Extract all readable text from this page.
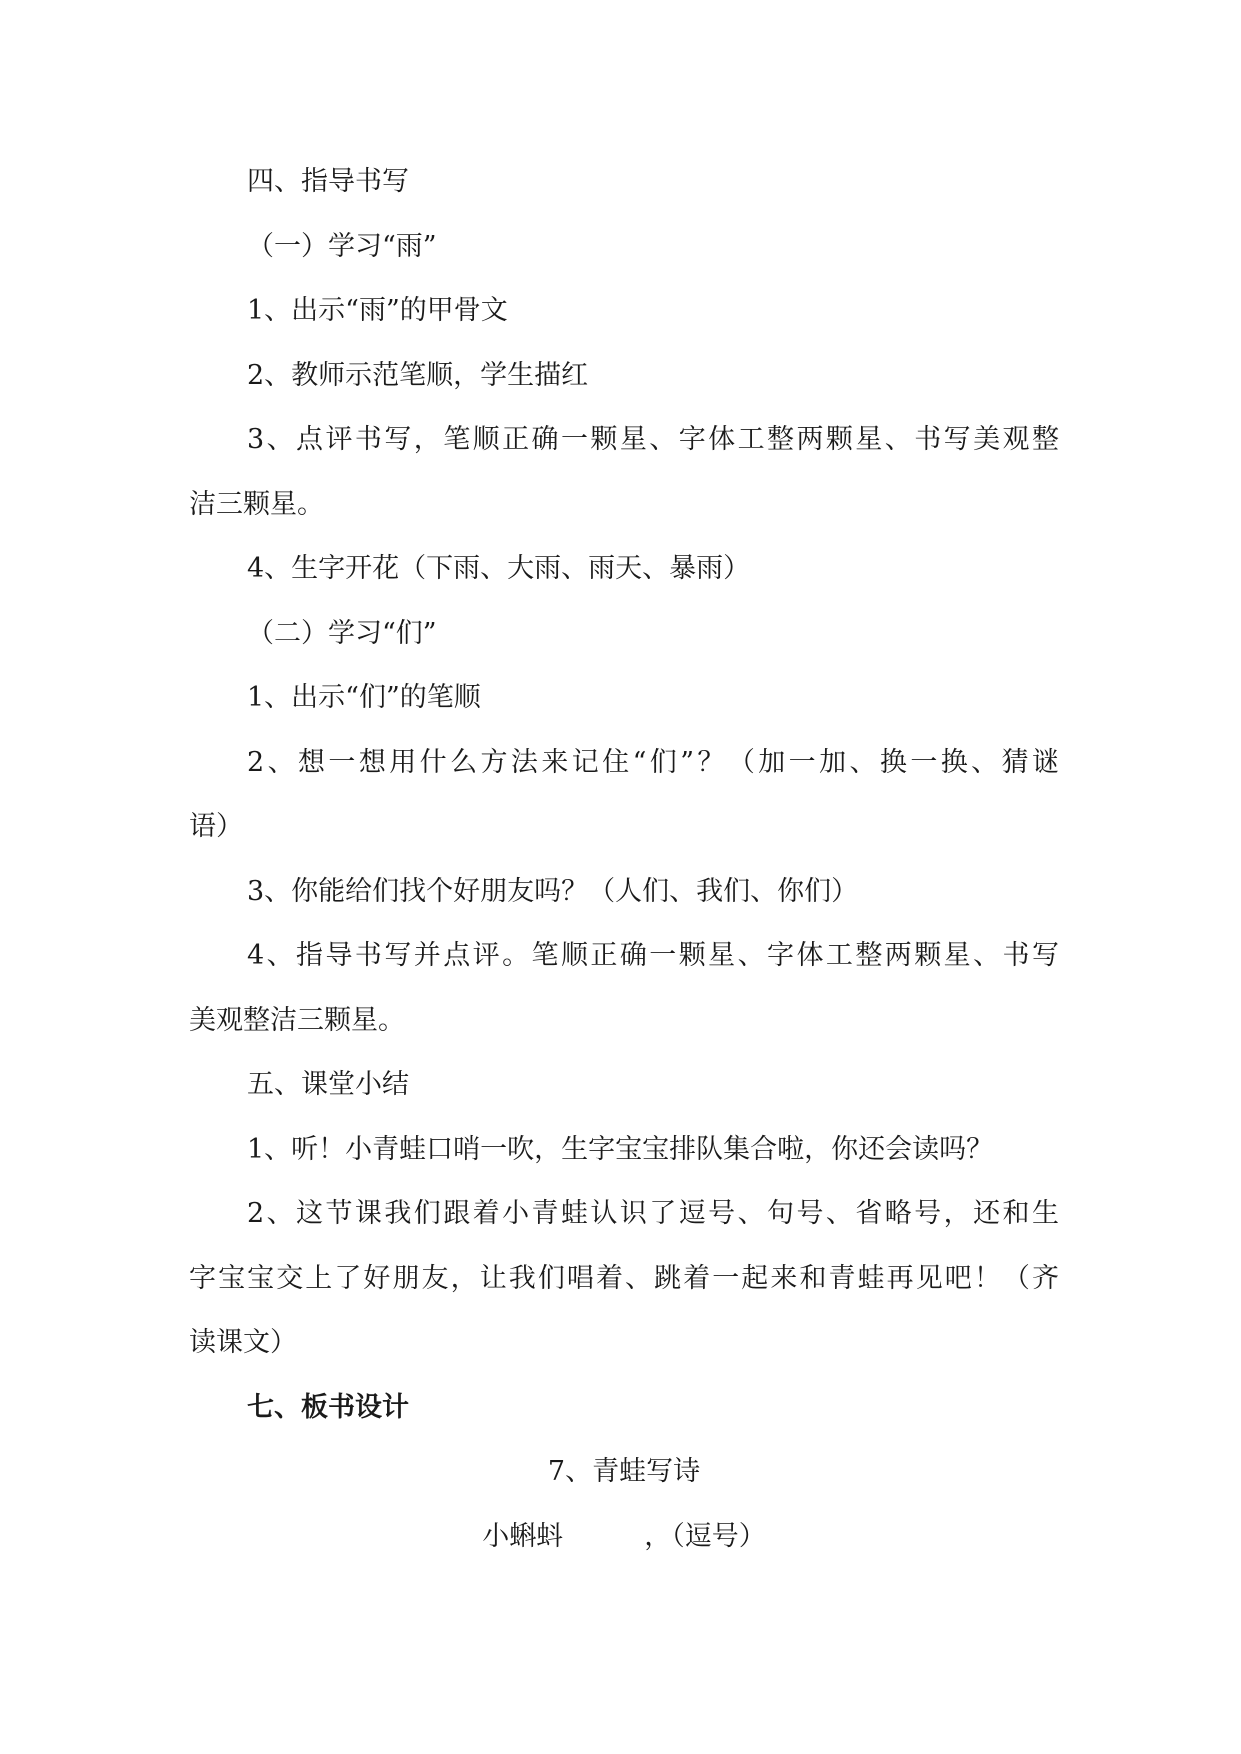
四、指导书写
（一）学习“雨”
1、出示“雨”的甲骨文
2、教师示范笔顺，学生描红
3、点评书写，笔顺正确一颗星、字体工整两颗星、书写美观整
洁三颗星。
4、生字开花（下雨、大雨、雨天、暴雨）
（二）学习“们”
1、出示“们”的笔顺
2、想一想用什么方法来记住“们”？（加一加、换一换、猜谜
语）
3、你能给们找个好朋友吗？（人们、我们、你们）
4、指导书写并点评。笔顺正确一颗星、字体工整两颗星、书写
美观整洁三颗星。
五、课堂小结
1、听！小青蛙口哨一吹，生字宝宝排队集合啦，你还会读吗？
2、这节课我们跟着小青蛙认识了逗号、句号、省略号，还和生
字宝宝交上了好朋友，让我们唱着、跳着一起来和青蛙再见吧！（齐
读课文）
七、板书设计
7、青蛙写诗
小蝌蚪　　　，（逗号）
